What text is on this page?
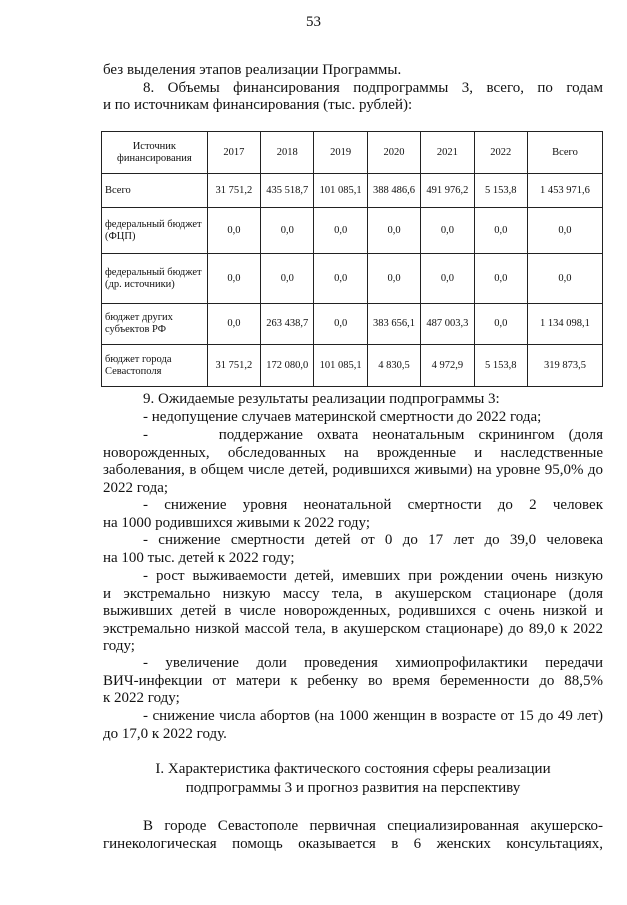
53
без выделения этапов реализации Программы.
8. Объемы финансирования подпрограммы 3, всего, по годам
и по источникам финансирования (тыс. рублей):
Источник финансирования	2017	2018	2019	2020	2021	2022	Всего
Всего	31 751,2	435 518,7	101 085,1	388 486,6	491 976,2	5 153,8	1 453 971,6
федеральный бюджет (ФЦП)	0,0	0,0	0,0	0,0	0,0	0,0	0,0
федеральный бюджет (др. источники)	0,0	0,0	0,0	0,0	0,0	0,0	0,0
бюджет других субъектов РФ	0,0	263 438,7	0,0	383 656,1	487 003,3	0,0	1 134 098,1
бюджет города Севастополя	31 751,2	172 080,0	101 085,1	4 830,5	4 972,9	5 153,8	319 873,5
9. Ожидаемые результаты реализации подпрограммы 3:
- недопущение случаев материнской смертности до 2022 года;
-     поддержание охвата неонатальным скринингом (доля
новорожденных, обследованных на врожденные и наследственные
заболевания, в общем числе детей, родившихся живыми) на уровне 95,0% до
2022 года;
- снижение уровня неонатальной смертности до 2 человек
на 1000 родившихся живыми к 2022 году;
- снижение смертности детей от 0 до 17 лет до 39,0 человека
на 100 тыс. детей к 2022 году;
- рост выживаемости детей, имевших при рождении очень низкую
и экстремально низкую массу тела, в акушерском стационаре (доля
выживших детей в числе новорожденных, родившихся с очень низкой и
экстремально низкой массой тела, в акушерском стационаре) до 89,0 к 2022
году;
- увеличение доли проведения химиопрофилактики передачи
ВИЧ-инфекции от матери к ребенку во время беременности до 88,5%
к 2022 году;
- снижение числа абортов (на 1000 женщин в возрасте от 15 до 49 лет)
до 17,0 к 2022 году.
I. Характеристика фактического состояния сферы реализации
подпрограммы 3 и прогноз развития на перспективу
В городе Севастополе первичная специализированная акушерско-
гинекологическая помощь оказывается в 6 женских консультациях,
